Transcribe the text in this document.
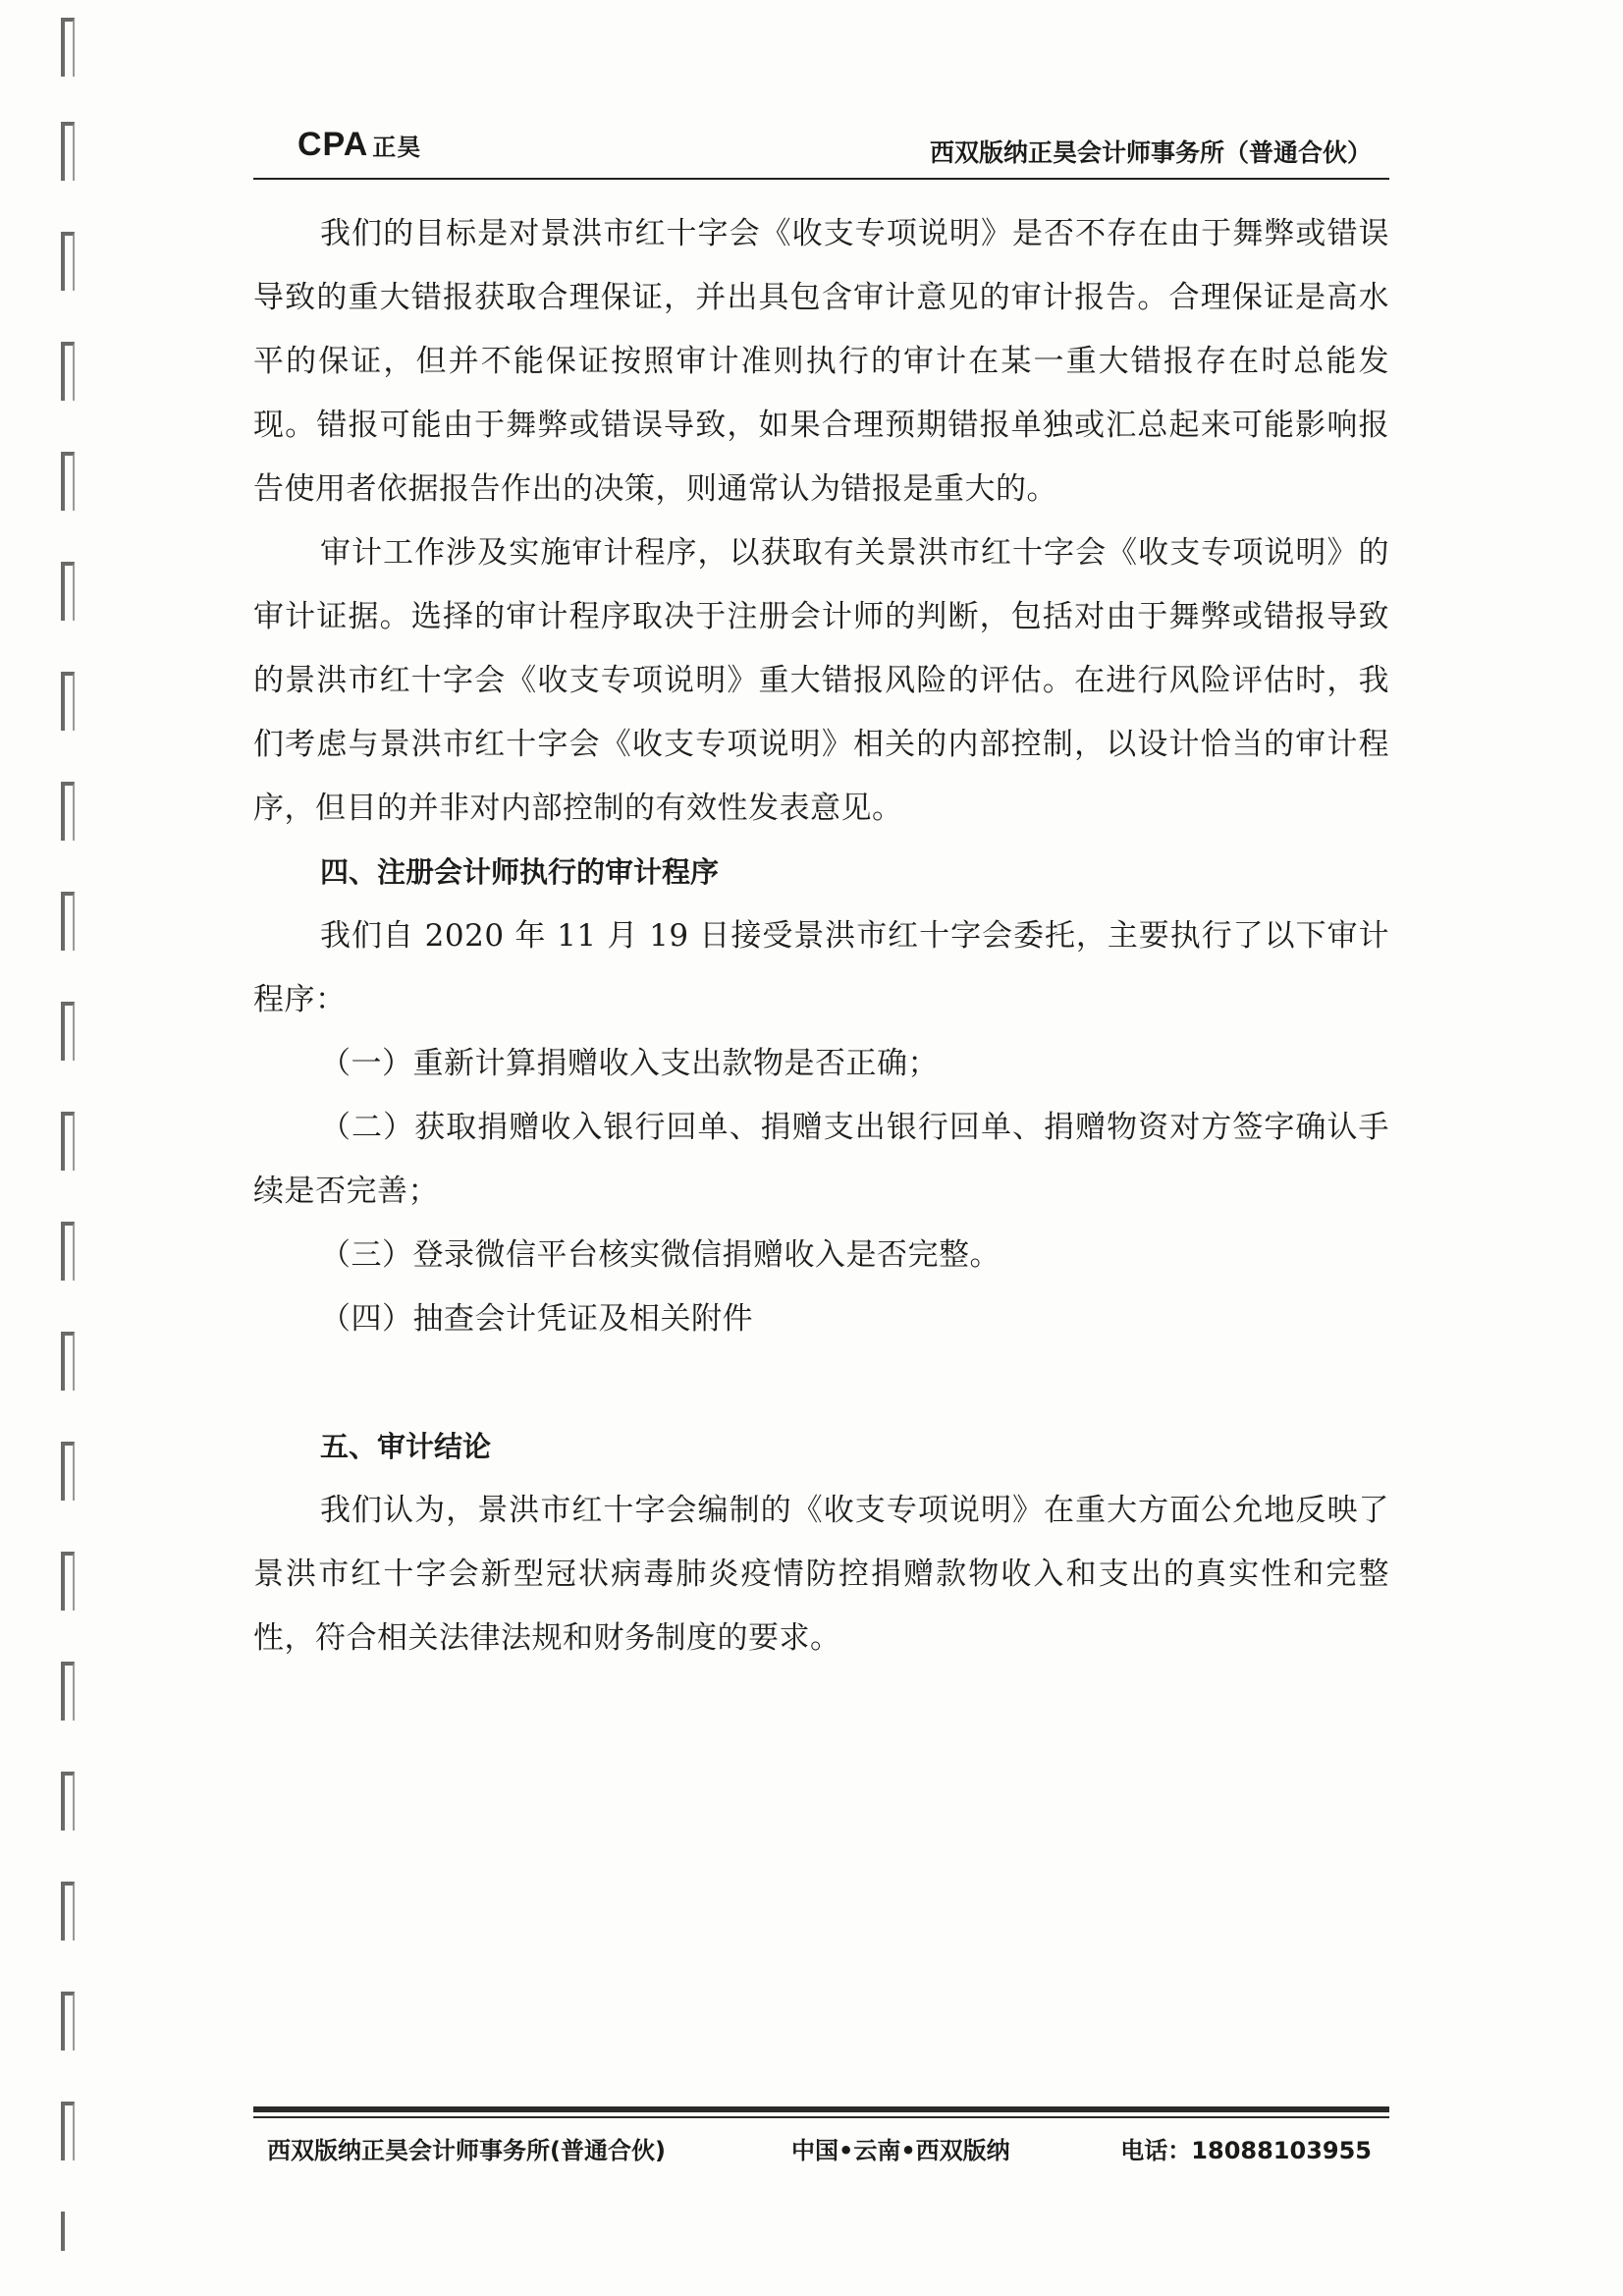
CPA 正昊	西双版纳正昊会计师事务所（普通合伙）

我们的目标是对景洪市红十字会《收支专项说明》是否不存在由于舞弊或错误导致的重大错报获取合理保证，并出具包含审计意见的审计报告。合理保证是高水平的保证，但并不能保证按照审计准则执行的审计在某一重大错报存在时总能发现。错报可能由于舞弊或错误导致，如果合理预期错报单独或汇总起来可能影响报告使用者依据报告作出的决策，则通常认为错报是重大的。

审计工作涉及实施审计程序，以获取有关景洪市红十字会《收支专项说明》的审计证据。选择的审计程序取决于注册会计师的判断，包括对由于舞弊或错报导致的景洪市红十字会《收支专项说明》重大错报风险的评估。在进行风险评估时，我们考虑与景洪市红十字会《收支专项说明》相关的内部控制，以设计恰当的审计程序，但目的并非对内部控制的有效性发表意见。

四、注册会计师执行的审计程序

我们自 2020 年 11 月 19 日接受景洪市红十字会委托，主要执行了以下审计程序：

（一）重新计算捐赠收入支出款物是否正确；

（二）获取捐赠收入银行回单、捐赠支出银行回单、捐赠物资对方签字确认手续是否完善；

（三）登录微信平台核实微信捐赠收入是否完整。

（四）抽查会计凭证及相关附件

五、审计结论

我们认为，景洪市红十字会编制的《收支专项说明》在重大方面公允地反映了景洪市红十字会新型冠状病毒肺炎疫情防控捐赠款物收入和支出的真实性和完整性，符合相关法律法规和财务制度的要求。

西双版纳正昊会计师事务所(普通合伙)	中国•云南•西双版纳	电话：18088103955
